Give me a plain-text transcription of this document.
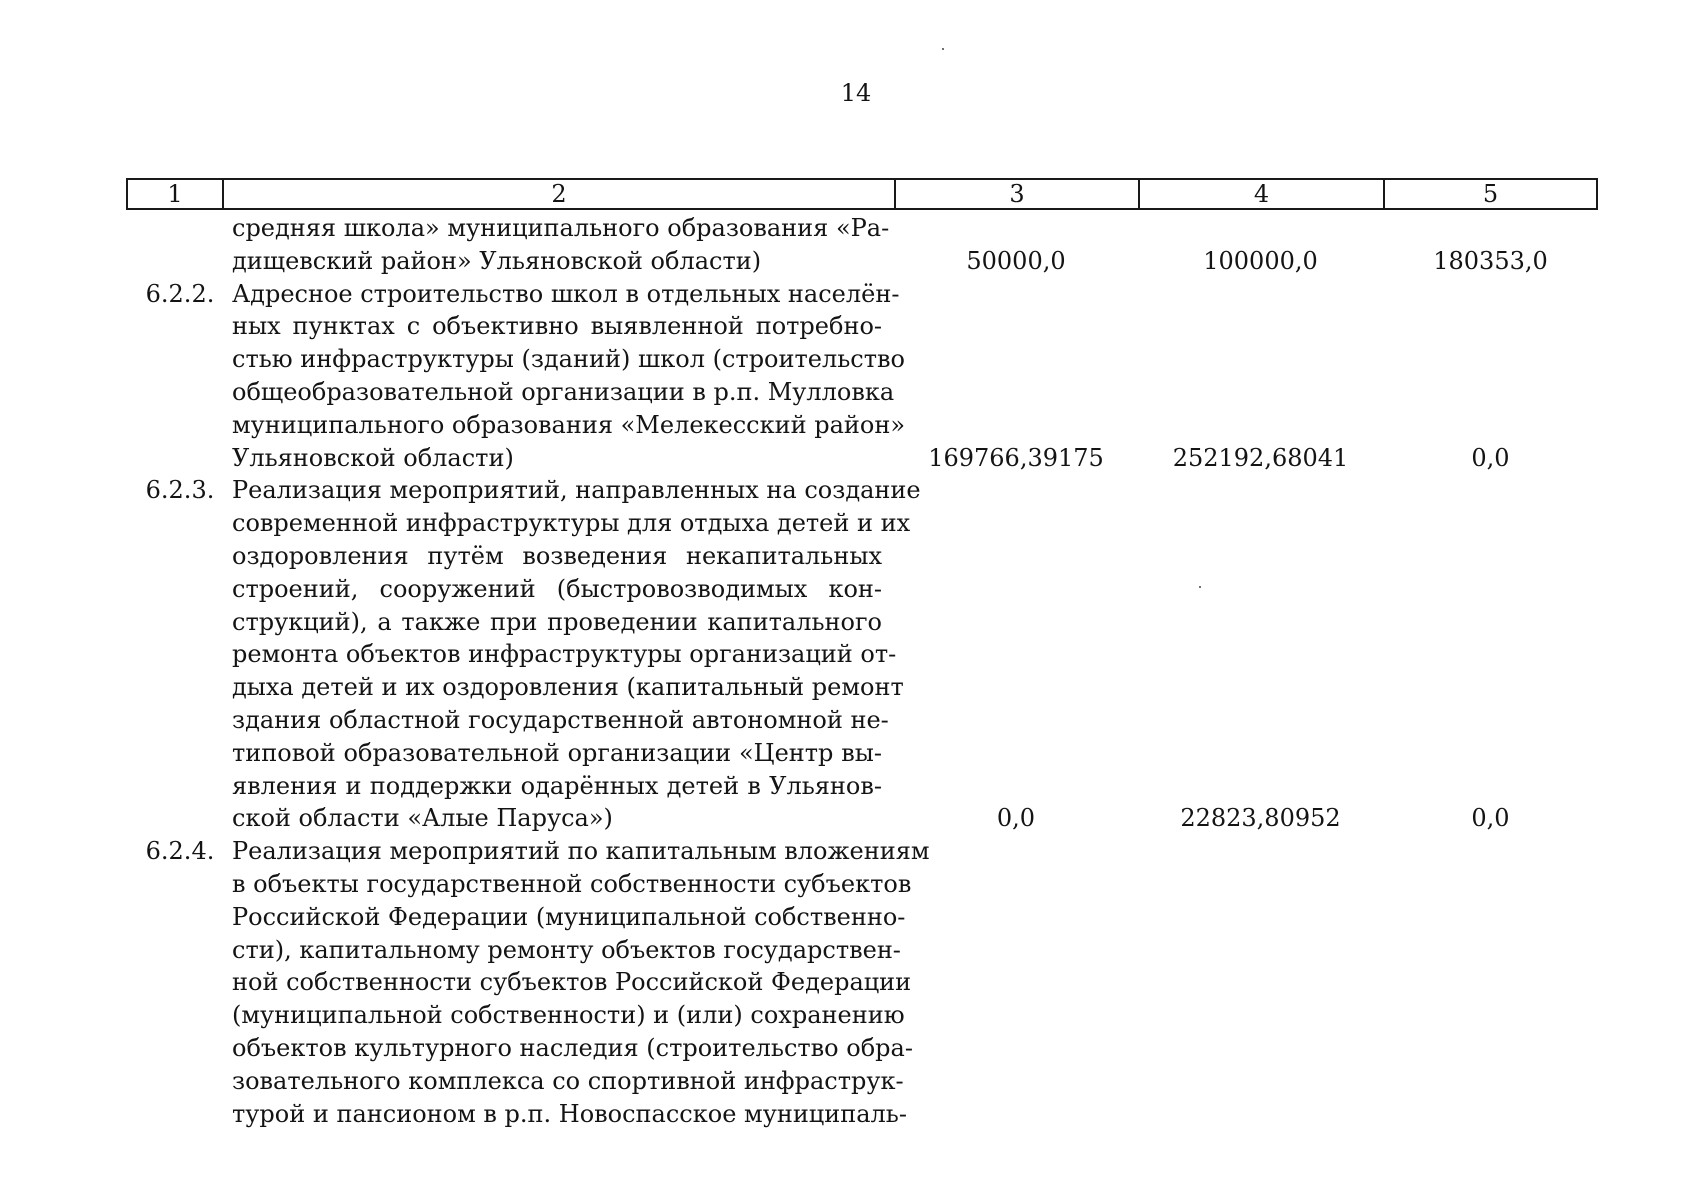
14
1	2	3	4	5
средняя школа» муниципального образования «Ра-
дищевский район» Ульяновской области)	50000,0	100000,0	180353,0
6.2.2. Адресное строительство школ в отдельных населён-
ных пунктах с объективно выявленной потребно-
стью инфраструктуры (зданий) школ (строительство
общеобразовательной организации в р.п. Мулловка
муниципального образования «Мелекесский район»
Ульяновской области)	169766,39175	252192,68041	0,0
6.2.3. Реализация мероприятий, направленных на создание
современной инфраструктуры для отдыха детей и их
оздоровления путём возведения некапитальных
строений, сооружений (быстровозводимых кон-
струкций), а также при проведении капитального
ремонта объектов инфраструктуры организаций от-
дыха детей и их оздоровления (капитальный ремонт
здания областной государственной автономной не-
типовой образовательной организации «Центр вы-
явления и поддержки одарённых детей в Ульянов-
ской области «Алые Паруса»)	0,0	22823,80952	0,0
6.2.4. Реализация мероприятий по капитальным вложениям
в объекты государственной собственности субъектов
Российской Федерации (муниципальной собственно-
сти), капитальному ремонту объектов государствен-
ной собственности субъектов Российской Федерации
(муниципальной собственности) и (или) сохранению
объектов культурного наследия (строительство обра-
зовательного комплекса со спортивной инфраструк-
турой и пансионом в р.п. Новоспасское муниципаль-
